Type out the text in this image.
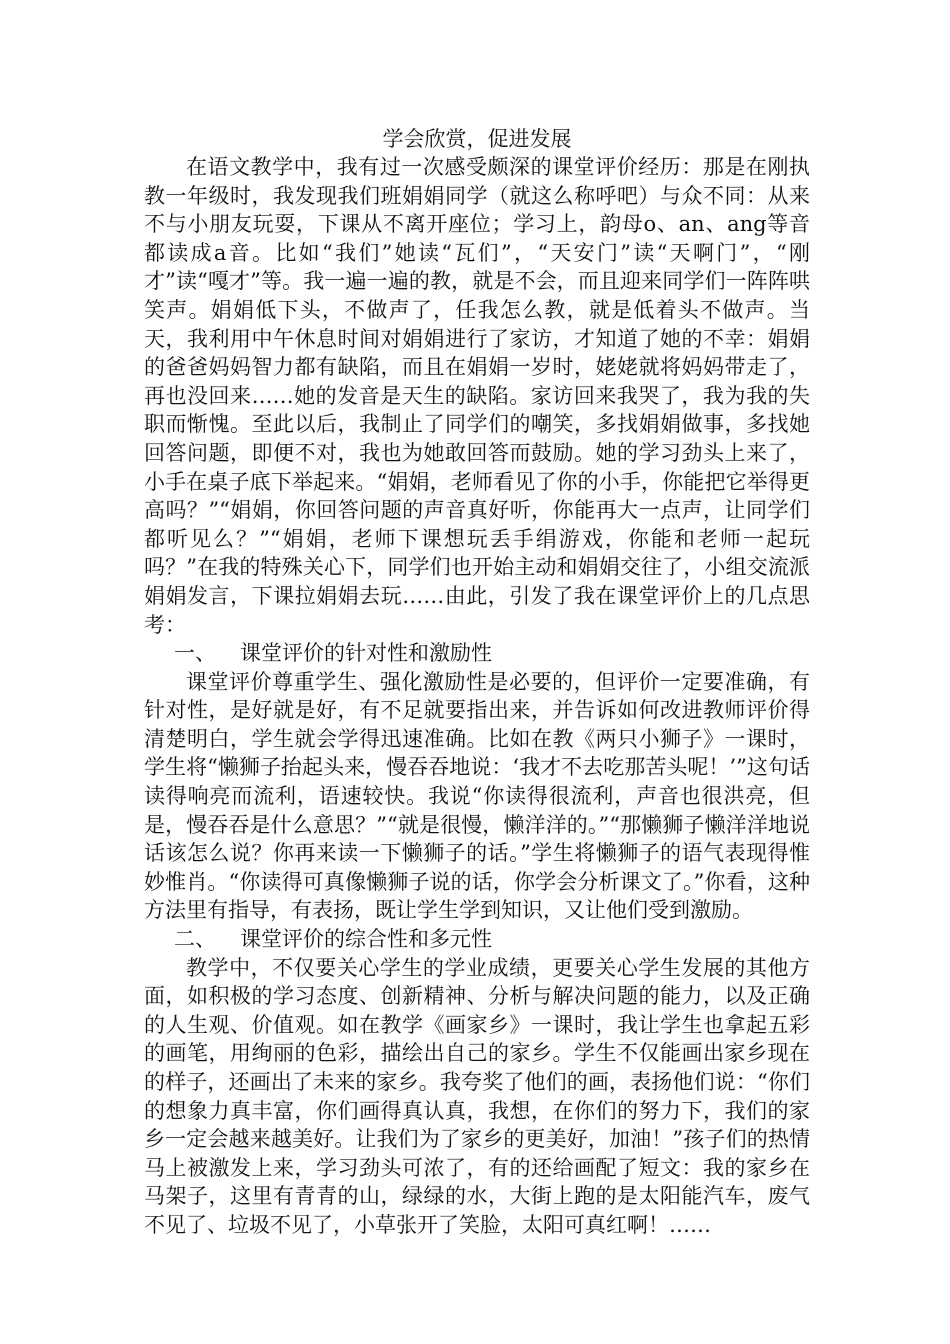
学会欣赏，促进发展

在语文教学中，我有过一次感受颇深的课堂评价经历：那是在刚执教一年级时，我发现我们班娟娟同学（就这么称呼吧）与众不同：从来不与小朋友玩耍，下课从不离开座位；学习上，韵母o、an、ang等音都读成a音。比如“我们”她读“瓦们”，“天安门”读“天啊门”，“刚才”读“嘎才”等。我一遍一遍的教，就是不会，而且迎来同学们一阵阵哄笑声。娟娟低下头，不做声了，任我怎么教，就是低着头不做声。当天，我利用中午休息时间对娟娟进行了家访，才知道了她的不幸：娟娟的爸爸妈妈智力都有缺陷，而且在娟娟一岁时，姥姥就将妈妈带走了，再也没回来……她的发音是天生的缺陷。家访回来我哭了，我为我的失职而惭愧。至此以后，我制止了同学们的嘲笑，多找娟娟做事，多找她回答问题，即便不对，我也为她敢回答而鼓励。她的学习劲头上来了，小手在桌子底下举起来。“娟娟，老师看见了你的小手，你能把它举得更高吗？”“娟娟，你回答问题的声音真好听，你能再大一点声，让同学们都听见么？”“娟娟，老师下课想玩丢手绢游戏，你能和老师一起玩吗？”在我的特殊关心下，同学们也开始主动和娟娟交往了，小组交流派娟娟发言，下课拉娟娟去玩……由此，引发了我在课堂评价上的几点思考：

一、 课堂评价的针对性和激励性

课堂评价尊重学生、强化激励性是必要的，但评价一定要准确，有针对性，是好就是好，有不足就要指出来，并告诉如何改进教师评价得清楚明白，学生就会学得迅速准确。比如在教《两只小狮子》一课时，学生将“懒狮子抬起头来，慢吞吞地说：‘我才不去吃那苦头呢！’”这句话读得响亮而流利，语速较快。我说“你读得很流利，声音也很洪亮，但是，慢吞吞是什么意思？”“就是很慢，懒洋洋的。”“那懒狮子懒洋洋地说话该怎么说？你再来读一下懒狮子的话。”学生将懒狮子的语气表现得惟妙惟肖。“你读得可真像懒狮子说的话，你学会分析课文了。”你看，这种方法里有指导，有表扬，既让学生学到知识，又让他们受到激励。

二、 课堂评价的综合性和多元性

教学中，不仅要关心学生的学业成绩，更要关心学生发展的其他方面，如积极的学习态度、创新精神、分析与解决问题的能力，以及正确的人生观、价值观。如在教学《画家乡》一课时，我让学生也拿起五彩的画笔，用绚丽的色彩，描绘出自己的家乡。学生不仅能画出家乡现在的样子，还画出了未来的家乡。我夸奖了他们的画，表扬他们说：“你们的想象力真丰富，你们画得真认真，我想，在你们的努力下，我们的家乡一定会越来越美好。让我们为了家乡的更美好，加油！”孩子们的热情马上被激发上来，学习劲头可浓了，有的还给画配了短文：我的家乡在马架子，这里有青青的山，绿绿的水，大街上跑的是太阳能汽车，废气不见了、垃圾不见了，小草张开了笑脸，太阳可真红啊！……
